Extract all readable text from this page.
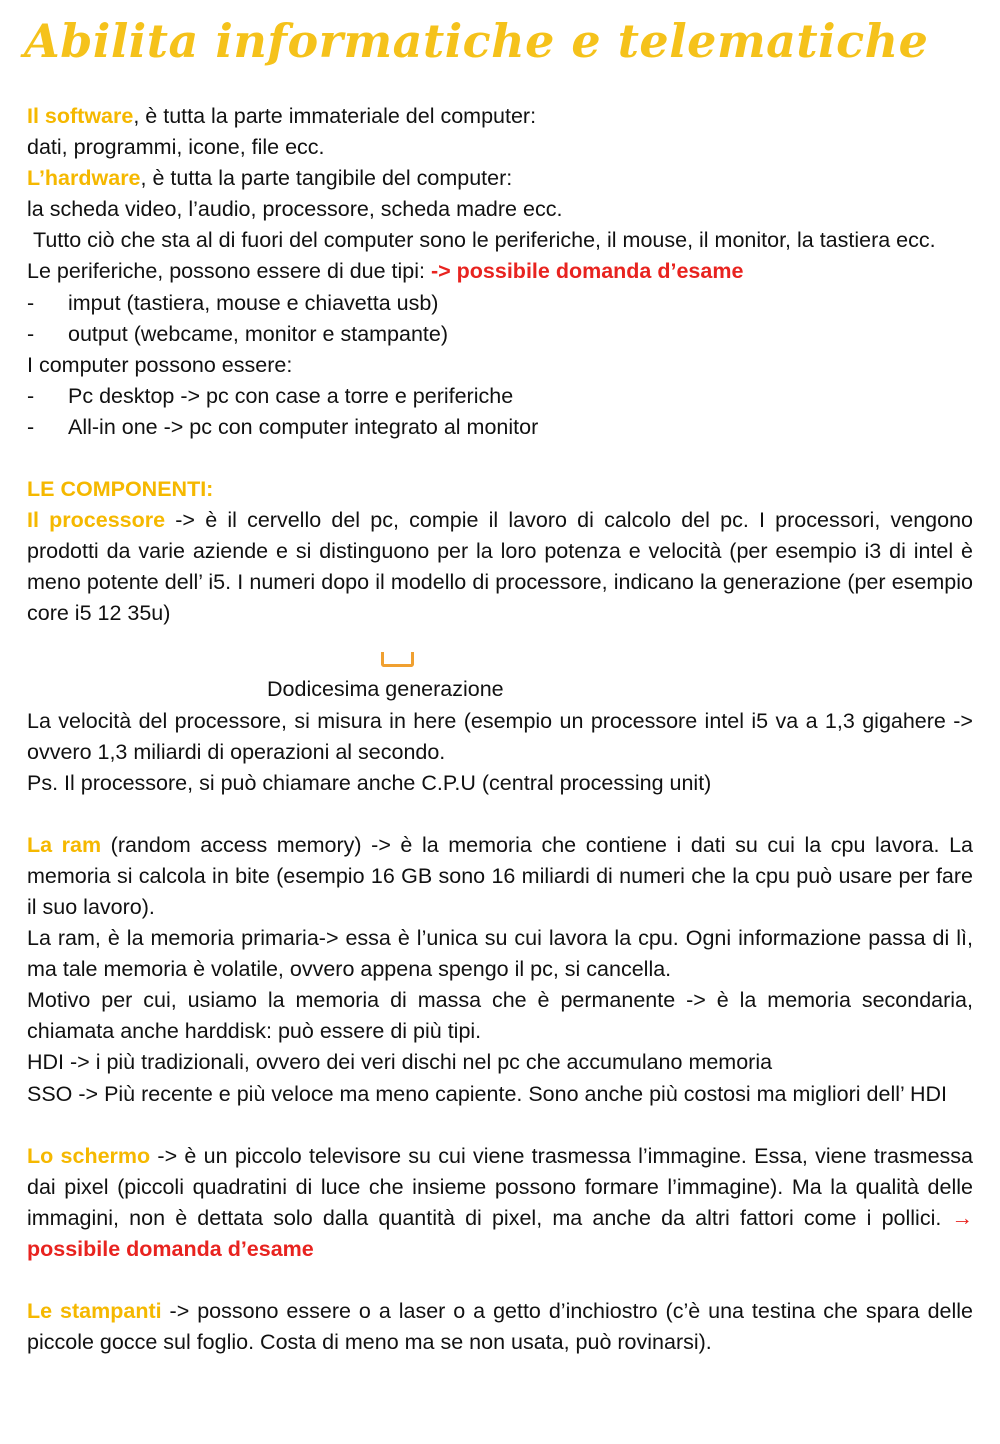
Abilita informatiche e telematiche

Il software, è tutta la parte immateriale del computer:

dati, programmi, icone, file ecc.

L’hardware, è tutta la parte tangibile del computer:

la scheda video, l’audio, processore, scheda madre ecc.

Tutto ciò che sta al di fuori del computer sono le periferiche, il mouse, il monitor, la tastiera ecc.

Le periferiche, possono essere di due tipi: -> possibile domanda d’esame

- imput (tastiera, mouse e chiavetta usb)
- output (webcame, monitor e stampante)

I computer possono essere:

- Pc desktop -> pc con case a torre e periferiche
- All-in one -> pc con computer integrato al monitor

LE COMPONENTI:

Il processore -> è il cervello del pc, compie il lavoro di calcolo del pc. I processori, vengono prodotti da varie aziende e si distinguono per la loro potenza e velocità (per esempio i3 di intel è meno potente dell’ i5. I numeri dopo il modello di processore, indicano la generazione (per esempio core i5 12 35u)

Dodicesima generazione

La velocità del processore, si misura in here (esempio un processore intel i5 va a 1,3 gigahere -> ovvero 1,3 miliardi di operazioni al secondo.

Ps. Il processore, si può chiamare anche C.P.U (central processing unit)

La ram (random access memory) -> è la memoria che contiene i dati su cui la cpu lavora. La memoria si calcola in bite (esempio 16 GB sono 16 miliardi di numeri che la cpu può usare per fare il suo lavoro).

La ram, è la memoria primaria-> essa è l’unica su cui lavora la cpu. Ogni informazione passa di lì, ma tale memoria è volatile, ovvero appena spengo il pc, si cancella.

Motivo per cui, usiamo la memoria di massa che è permanente -> è la memoria secondaria, chiamata anche harddisk: può essere di più tipi.

HDI -> i più tradizionali, ovvero dei veri dischi nel pc che accumulano memoria

SSO -> Più recente e più veloce ma meno capiente. Sono anche più costosi ma migliori dell’ HDI

Lo schermo -> è un piccolo televisore su cui viene trasmessa l’immagine. Essa, viene trasmessa dai pixel (piccoli quadratini di luce che insieme possono formare l’immagine). Ma la qualità delle immagini, non è dettata solo dalla quantità di pixel, ma anche da altri fattori come i pollici. → possibile domanda d’esame

Le stampanti -> possono essere o a laser o a getto d’inchiostro (c’è una testina che spara delle piccole gocce sul foglio. Costa di meno ma se non usata, può rovinarsi).
